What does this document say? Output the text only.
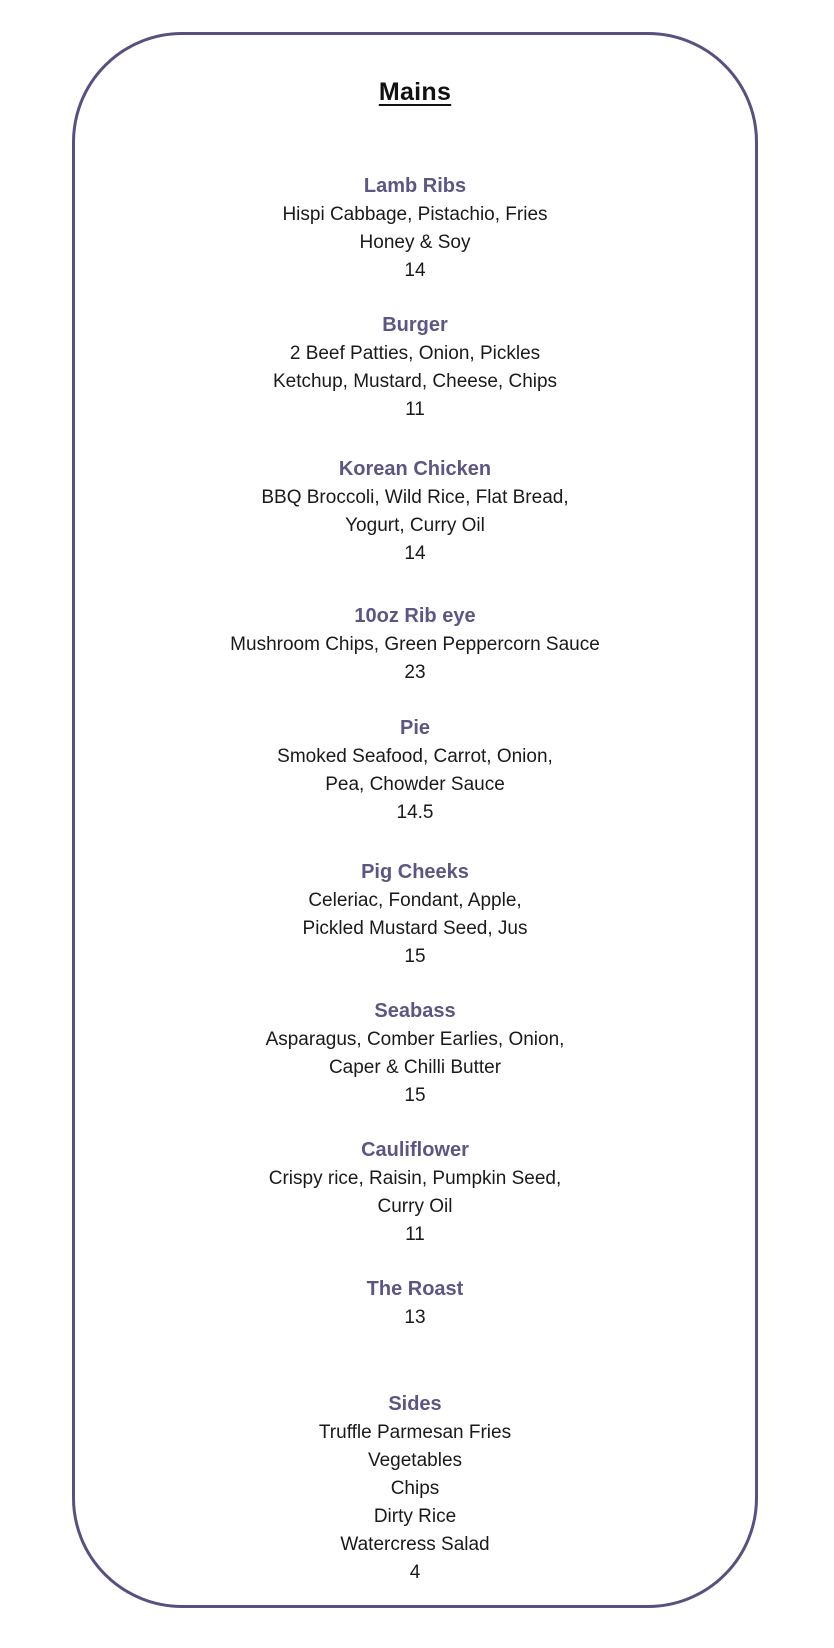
Mains
Lamb Ribs
Hispi Cabbage, Pistachio, Fries
Honey & Soy
14
Burger
2 Beef Patties, Onion, Pickles
Ketchup, Mustard, Cheese, Chips
11
Korean Chicken
BBQ Broccoli, Wild Rice, Flat Bread,
Yogurt, Curry Oil
14
10oz Rib eye
Mushroom Chips, Green Peppercorn Sauce
23
Pie
Smoked Seafood, Carrot, Onion,
Pea, Chowder Sauce
14.5
Pig Cheeks
Celeriac, Fondant, Apple,
Pickled Mustard Seed, Jus
15
Seabass
Asparagus, Comber Earlies, Onion,
Caper & Chilli Butter
15
Cauliflower
Crispy rice, Raisin, Pumpkin Seed,
Curry Oil
11
The Roast
13
Sides
Truffle Parmesan Fries
Vegetables
Chips
Dirty Rice
Watercress Salad
4
